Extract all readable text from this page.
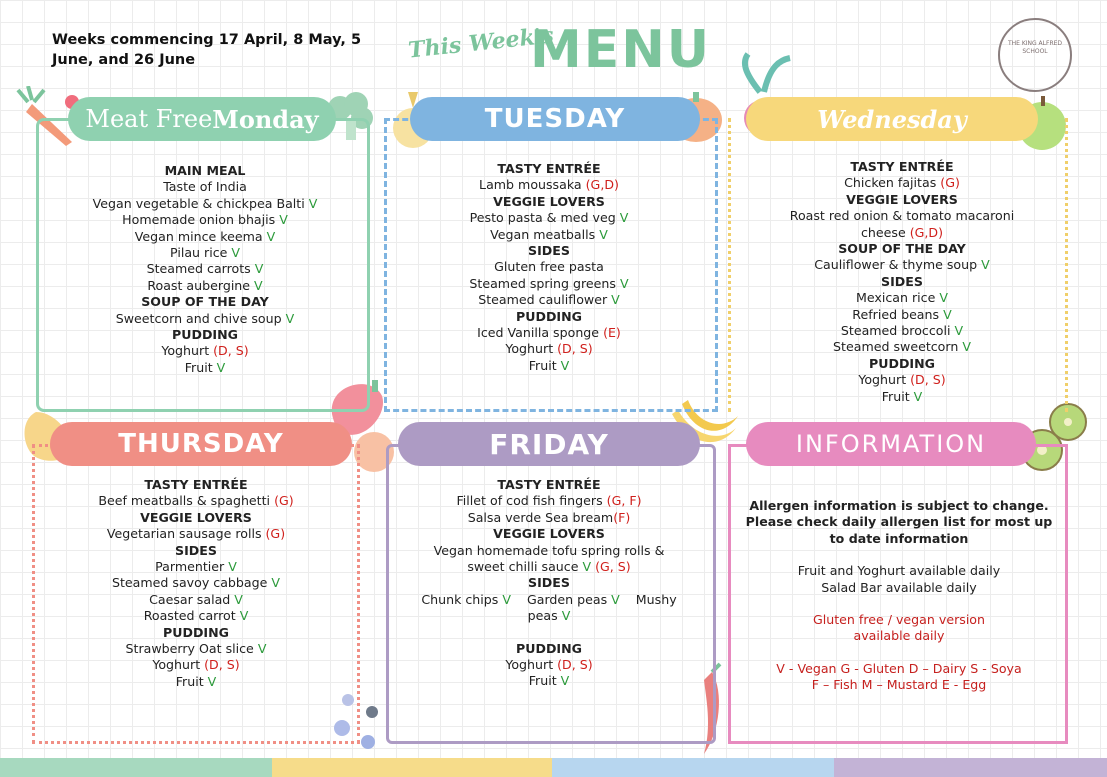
Weeks commencing 17 April, 8 May, 5 June, and 26 June	This Week's
MENU	THE KING ALFRED SCHOOL
Meat Free Monday
MAIN MEAL
Taste of India
Vegan vegetable & chickpea Balti V
Homemade onion bhajis V
Vegan mince keema V
Pilau rice V
Steamed carrots V
Roast aubergine V
SOUP OF THE DAY
Sweetcorn and chive soup V
PUDDING
Yoghurt (D, S)
Fruit V
TUESDAY
TASTY ENTRÉE
Lamb moussaka (G,D)
VEGGIE LOVERS
Pesto pasta & med veg V
Vegan meatballs V
SIDES
Gluten free pasta
Steamed spring greens V
Steamed cauliflower V
PUDDING
Iced Vanilla sponge (E)
Yoghurt (D, S)
Fruit V
Wednesday
TASTY ENTRÉE
Chicken fajitas (G)
VEGGIE LOVERS
Roast red onion & tomato macaroni
cheese (G,D)
SOUP OF THE DAY
Cauliflower & thyme soup V
SIDES
Mexican rice V
Refried beans V
Steamed broccoli V
Steamed sweetcorn V
PUDDING
Yoghurt (D, S)
Fruit V
THURSDAY
TASTY ENTRÉE
Beef meatballs & spaghetti (G)
VEGGIE LOVERS
Vegetarian sausage rolls (G)
SIDES
Parmentier V
Steamed savoy cabbage V
Caesar salad V
Roasted carrot V
PUDDING
Strawberry Oat slice V
Yoghurt (D, S)
Fruit V
FRIDAY
TASTY ENTRÉE
Fillet of cod fish fingers (G, F)
Salsa verde Sea bream(F)
VEGGIE LOVERS
Vegan homemade tofu spring rolls &
sweet chilli sauce V (G, S)
SIDES
Chunk chips V    Garden peas V    Mushy
peas V
PUDDING
Yoghurt (D, S)
Fruit V
INFORMATION
Allergen information is subject to change.
Please check daily allergen list for most up
to date information
Fruit and Yoghurt available daily
Salad Bar available daily
Gluten free / vegan version
available daily
V - Vegan G - Gluten D – Dairy S - Soya
F – Fish M – Mustard E - Egg
